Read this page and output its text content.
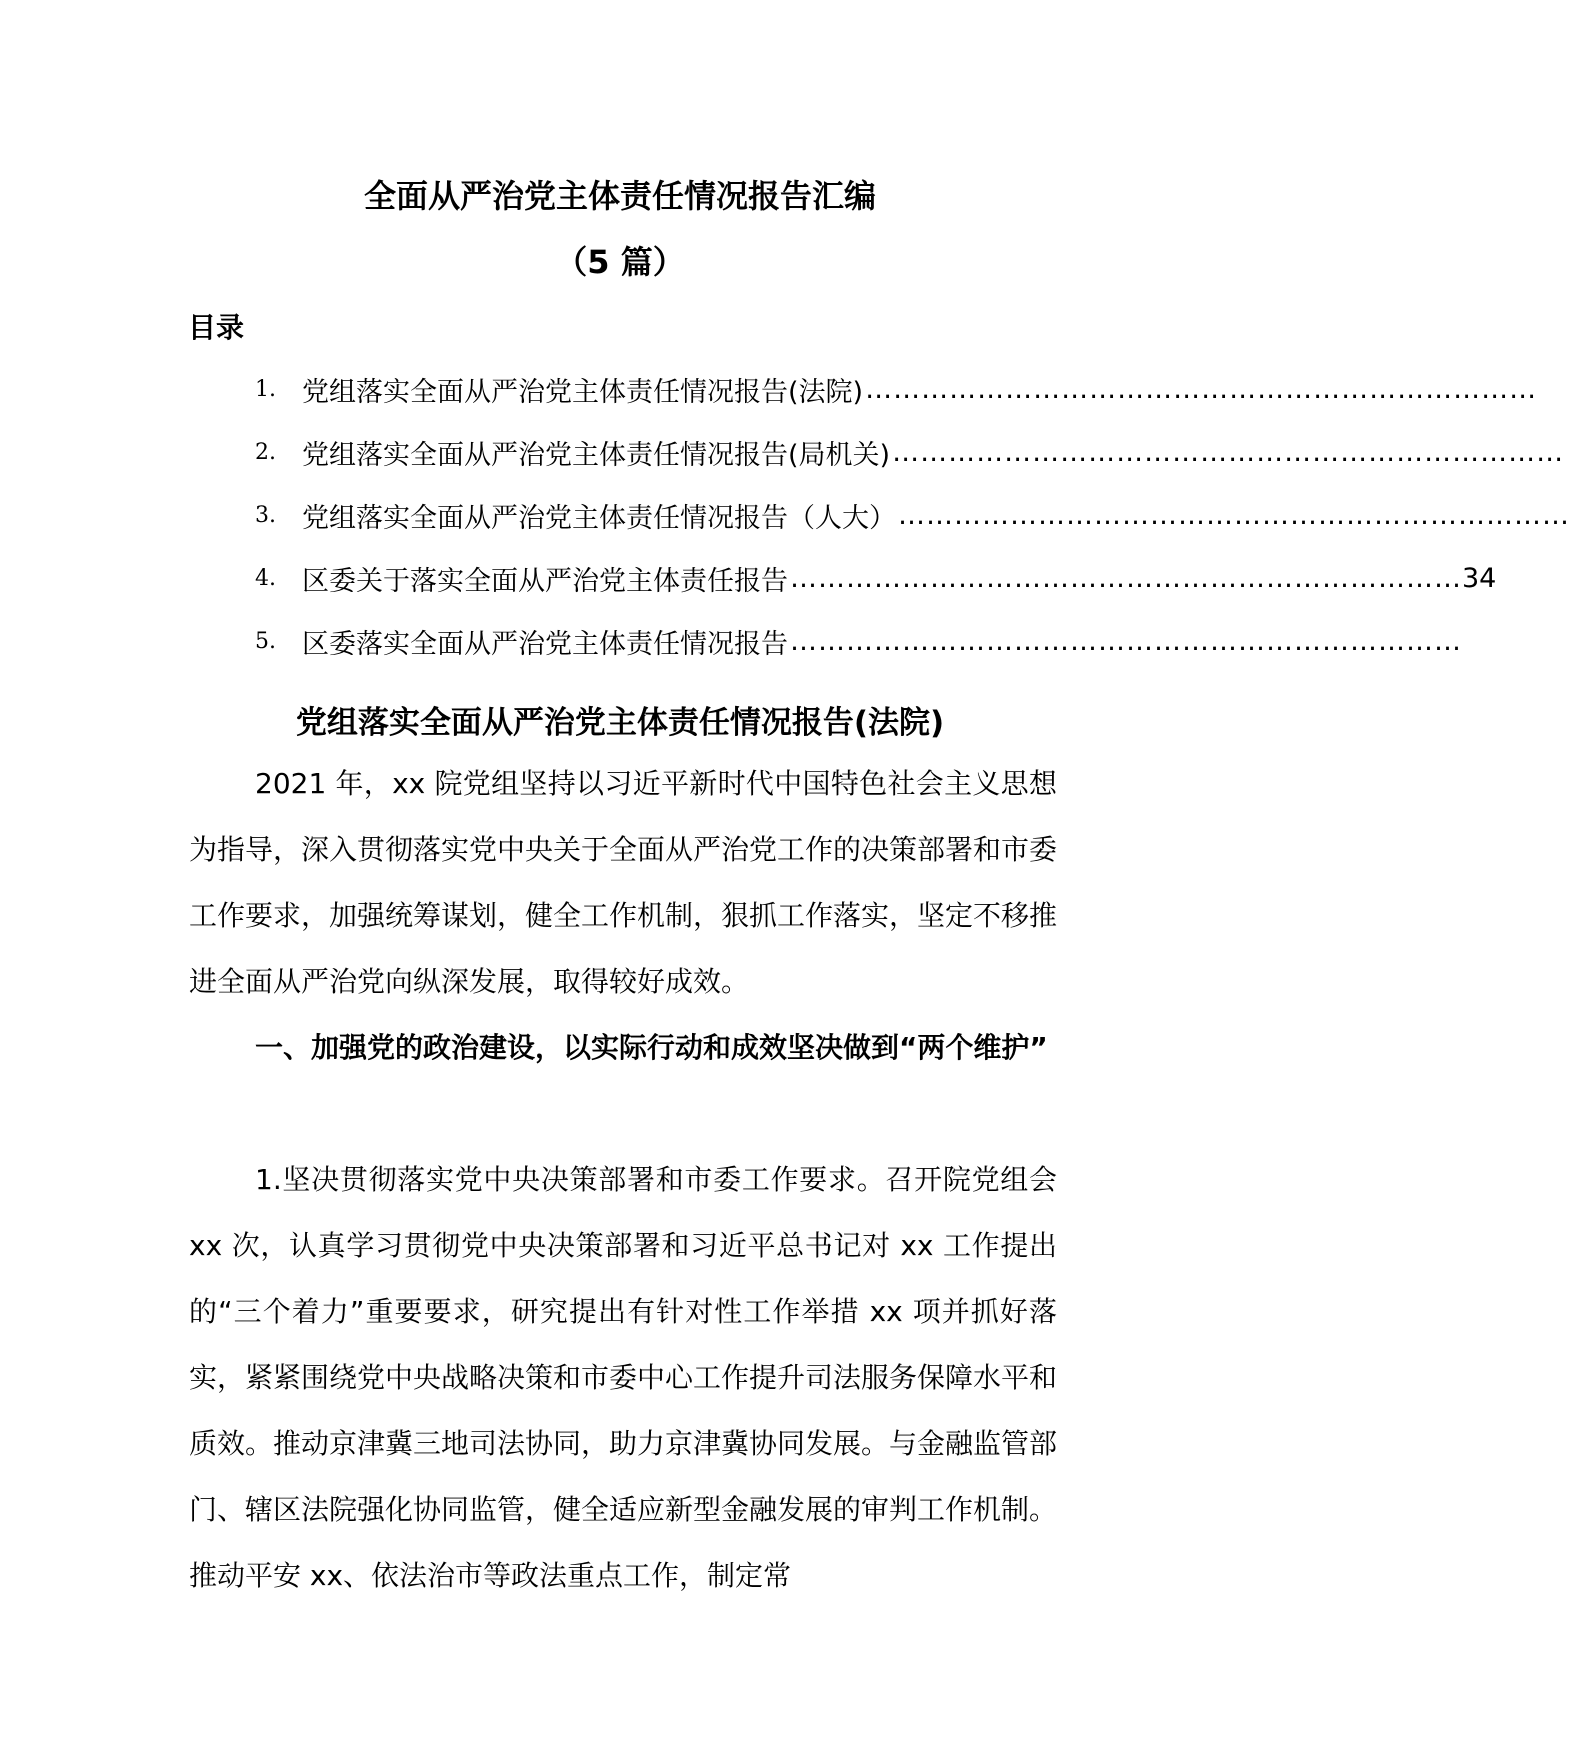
全面从严治党主体责任情况报告汇编
（5 篇）
目录
1. 党组落实全面从严治党主体责任情况报告(法院) ………………………………………………………………
2. 党组落实全面从严治党主体责任情况报告(局机关) ………………………………………………………………
3. 党组落实全面从严治党主体责任情况报告（人大） ………………………………………………………………
4. 区委关于落实全面从严治党主体责任报告 ……………………………………………………………… 34
5. 区委落实全面从严治党主体责任情况报告 ………………………………………………………………
党组落实全面从严治党主体责任情况报告(法院)

2021 年，xx 院党组坚持以习近平新时代中国特色社会主义思想为指导，深入贯彻落实党中央关于全面从严治党工作的决策部署和市委工作要求，加强统筹谋划，健全工作机制，狠抓工作落实，坚定不移推进全面从严治党向纵深发展，取得较好成效。

一、加强党的政治建设，以实际行动和成效坚决做到“两个维护”

1.坚决贯彻落实党中央决策部署和市委工作要求。召开院党组会 xx 次，认真学习贯彻党中央决策部署和习近平总书记对 xx 工作提出的“三个着力”重要要求，研究提出有针对性工作举措 xx 项并抓好落实，紧紧围绕党中央战略决策和市委中心工作提升司法服务保障水平和质效。推动京津冀三地司法协同，助力京津冀协同发展。与金融监管部门、辖区法院强化协同监管，健全适应新型金融发展的审判工作机制。推动平安 xx、依法治市等政法重点工作，制定常
